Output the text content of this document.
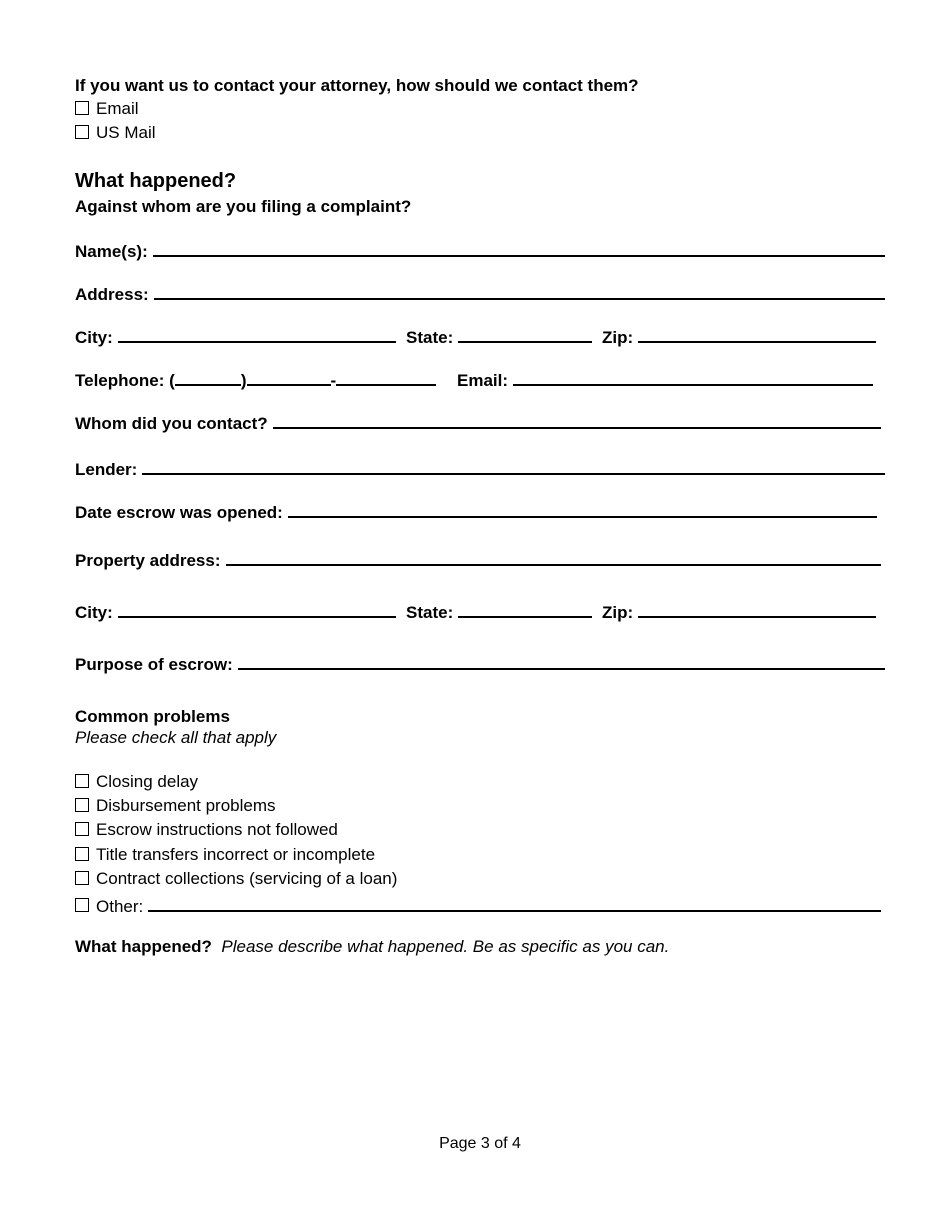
If you want us to contact your attorney, how should we contact them?
Email
US Mail
What happened?
Against whom are you filing a complaint?
Name(s):
Address:
City:	State:	Zip:
Telephone: (	)	-	Email:
Whom did you contact?
Lender:
Date escrow was opened:
Property address:
City:	State:	Zip:
Purpose of escrow:
Common problems
Please check all that apply
Closing delay
Disbursement problems
Escrow instructions not followed
Title transfers incorrect or incomplete
Contract collections (servicing of a loan)
Other:
What happened? Please describe what happened. Be as specific as you can.
Page 3 of 4
